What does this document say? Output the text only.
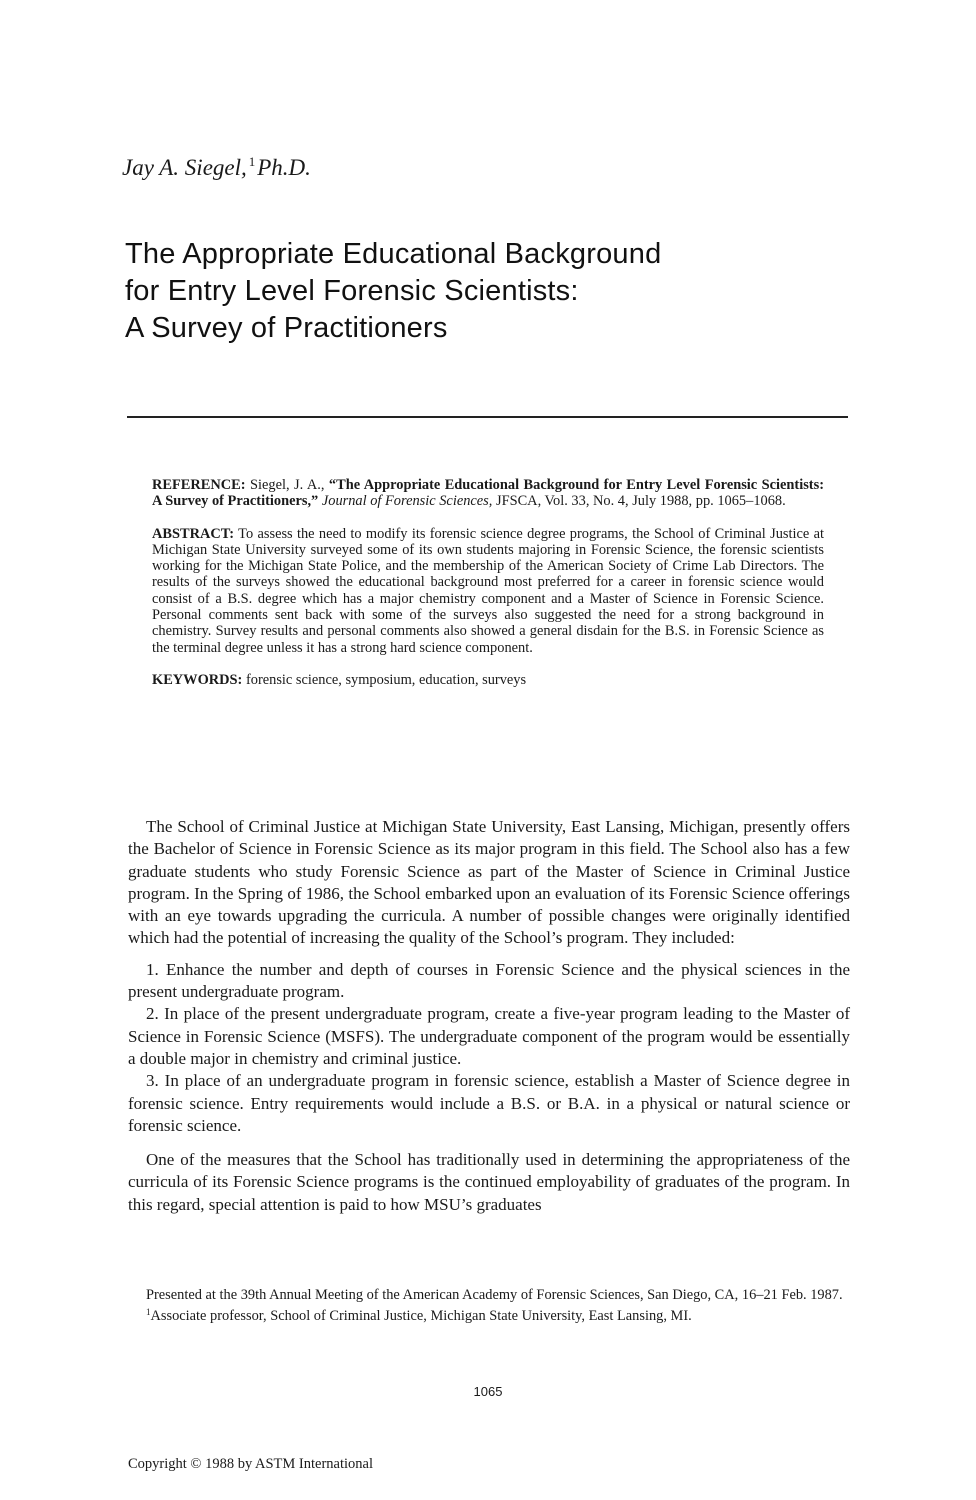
Jay A. Siegel, $^1$Ph.D.

The Appropriate Educational Background
for Entry Level Forensic Scientists:
A Survey of Practitioners

REFERENCE: Siegel, J. A., “The Appropriate Educational Background for Entry Level Forensic Scientists: A Survey of Practitioners,” Journal of Forensic Sciences, JFSCA, Vol. 33, No. 4, July 1988, pp. 1065–1068.

ABSTRACT: To assess the need to modify its forensic science degree programs, the School of Criminal Justice at Michigan State University surveyed some of its own students majoring in Forensic Science, the forensic scientists working for the Michigan State Police, and the membership of the American Society of Crime Lab Directors. The results of the surveys showed the educational background most preferred for a career in forensic science would consist of a B.S. degree which has a major chemistry component and a Master of Science in Forensic Science. Personal comments sent back with some of the surveys also suggested the need for a strong background in chemistry. Survey results and personal comments also showed a general disdain for the B.S. in Forensic Science as the terminal degree unless it has a strong hard science component.

KEYWORDS: forensic science, symposium, education, surveys

The School of Criminal Justice at Michigan State University, East Lansing, Michigan, presently offers the Bachelor of Science in Forensic Science as its major program in this field. The School also has a few graduate students who study Forensic Science as part of the Master of Science in Criminal Justice program. In the Spring of 1986, the School embarked upon an evaluation of its Forensic Science offerings with an eye towards upgrading the curricula. A number of possible changes were originally identified which had the potential of increasing the quality of the School’s program. They included:

1. Enhance the number and depth of courses in Forensic Science and the physical sciences in the present undergraduate program.

2. In place of the present undergraduate program, create a five-year program leading to the Master of Science in Forensic Science (MSFS). The undergraduate component of the program would be essentially a double major in chemistry and criminal justice.

3. In place of an undergraduate program in forensic science, establish a Master of Science degree in forensic science. Entry requirements would include a B.S. or B.A. in a physical or natural science or forensic science.

One of the measures that the School has traditionally used in determining the appropriateness of the curricula of its Forensic Science programs is the continued employability of graduates of the program. In this regard, special attention is paid to how MSU’s graduates

Presented at the 39th Annual Meeting of the American Academy of Forensic Sciences, San Diego, CA, 16–21 Feb. 1987.

$^1$Associate professor, School of Criminal Justice, Michigan State University, East Lansing, MI.

1065

Copyright © 1988 by ASTM International
